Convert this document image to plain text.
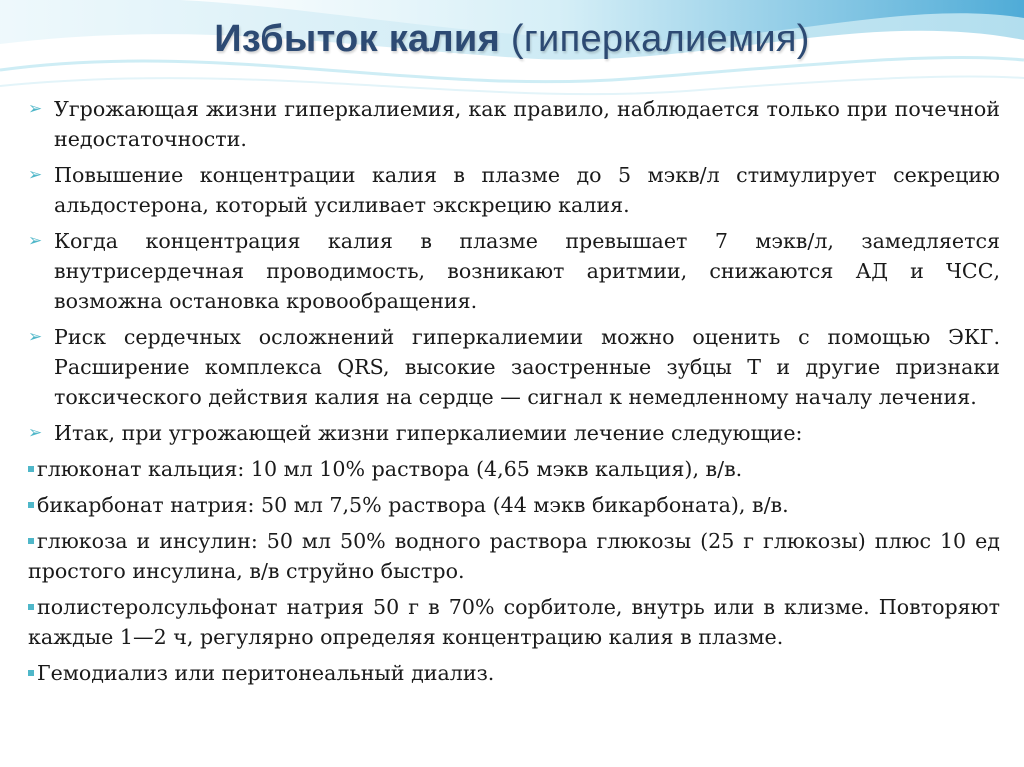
Избыток калия (гиперкалиемия)
➢ Угрожающая жизни гиперкалиемия, как правило, наблюдается только при почечной недостаточности.
➢ Повышение концентрации калия в плазме до 5 мэкв/л стимулирует секрецию альдостерона, который усиливает экскрецию калия.
➢ Когда концентрация калия в плазме превышает 7 мэкв/л, замедляется внутрисердечная проводимость, возникают аритмии, снижаются АД и ЧСС, возможна остановка кровообращения.
➢ Риск сердечных осложнений гиперкалиемии можно оценить с помощью ЭКГ. Расширение комплекса QRS, высокие заостренные зубцы Т и другие признаки токсического действия калия на сердце — сигнал к немедленному началу лечения.
➢ Итак, при угрожающей жизни гиперкалиемии лечение следующие:
глюконат кальция: 10 мл 10% раствора (4,65 мэкв кальция), в/в.
бикарбонат натрия: 50 мл 7,5% раствора (44 мэкв бикарбоната), в/в.
глюкоза и инсулин: 50 мл 50% водного раствора глюкозы (25 г глюкозы) плюс 10 ед простого инсулина, в/в струйно быстро.
полистеролсульфонат натрия 50 г в 70% сорбитоле, внутрь или в клизме. Повторяют каждые 1—2 ч, регулярно определяя концентрацию калия в плазме.
Гемодиализ или перитонеальный диализ.
